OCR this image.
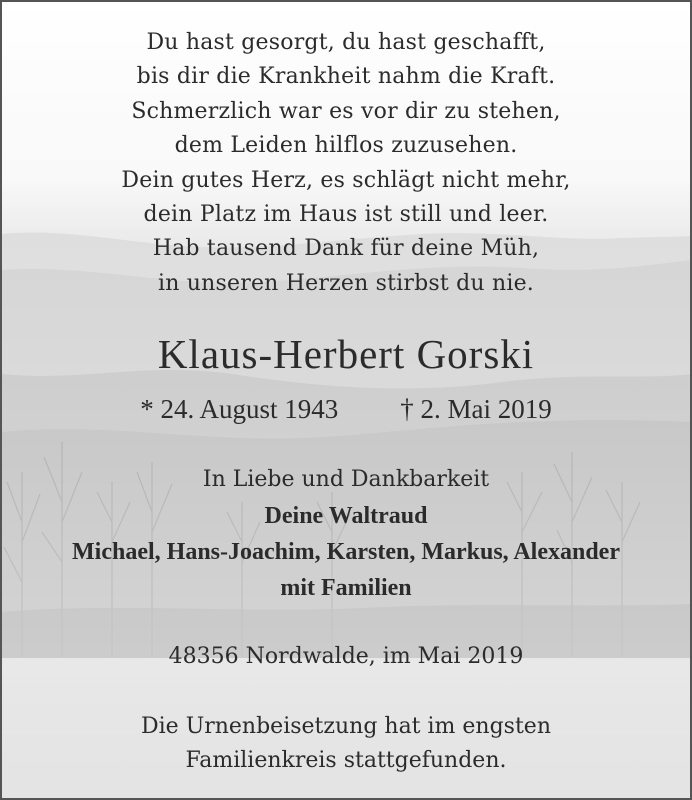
Du hast gesorgt, du hast geschafft,
bis dir die Krankheit nahm die Kraft.
Schmerzlich war es vor dir zu stehen,
dem Leiden hilflos zuzusehen.
Dein gutes Herz, es schlägt nicht mehr,
dein Platz im Haus ist still und leer.
Hab tausend Dank für deine Müh,
in unseren Herzen stirbst du nie.
Klaus-Herbert Gorski
* 24. August 1943 † 2. Mai 2019
In Liebe und Dankbarkeit
Deine Waltraud
Michael, Hans-Joachim, Karsten, Markus, Alexander
mit Familien
48356 Nordwalde, im Mai 2019
Die Urnenbeisetzung hat im engsten
Familienkreis stattgefunden.
